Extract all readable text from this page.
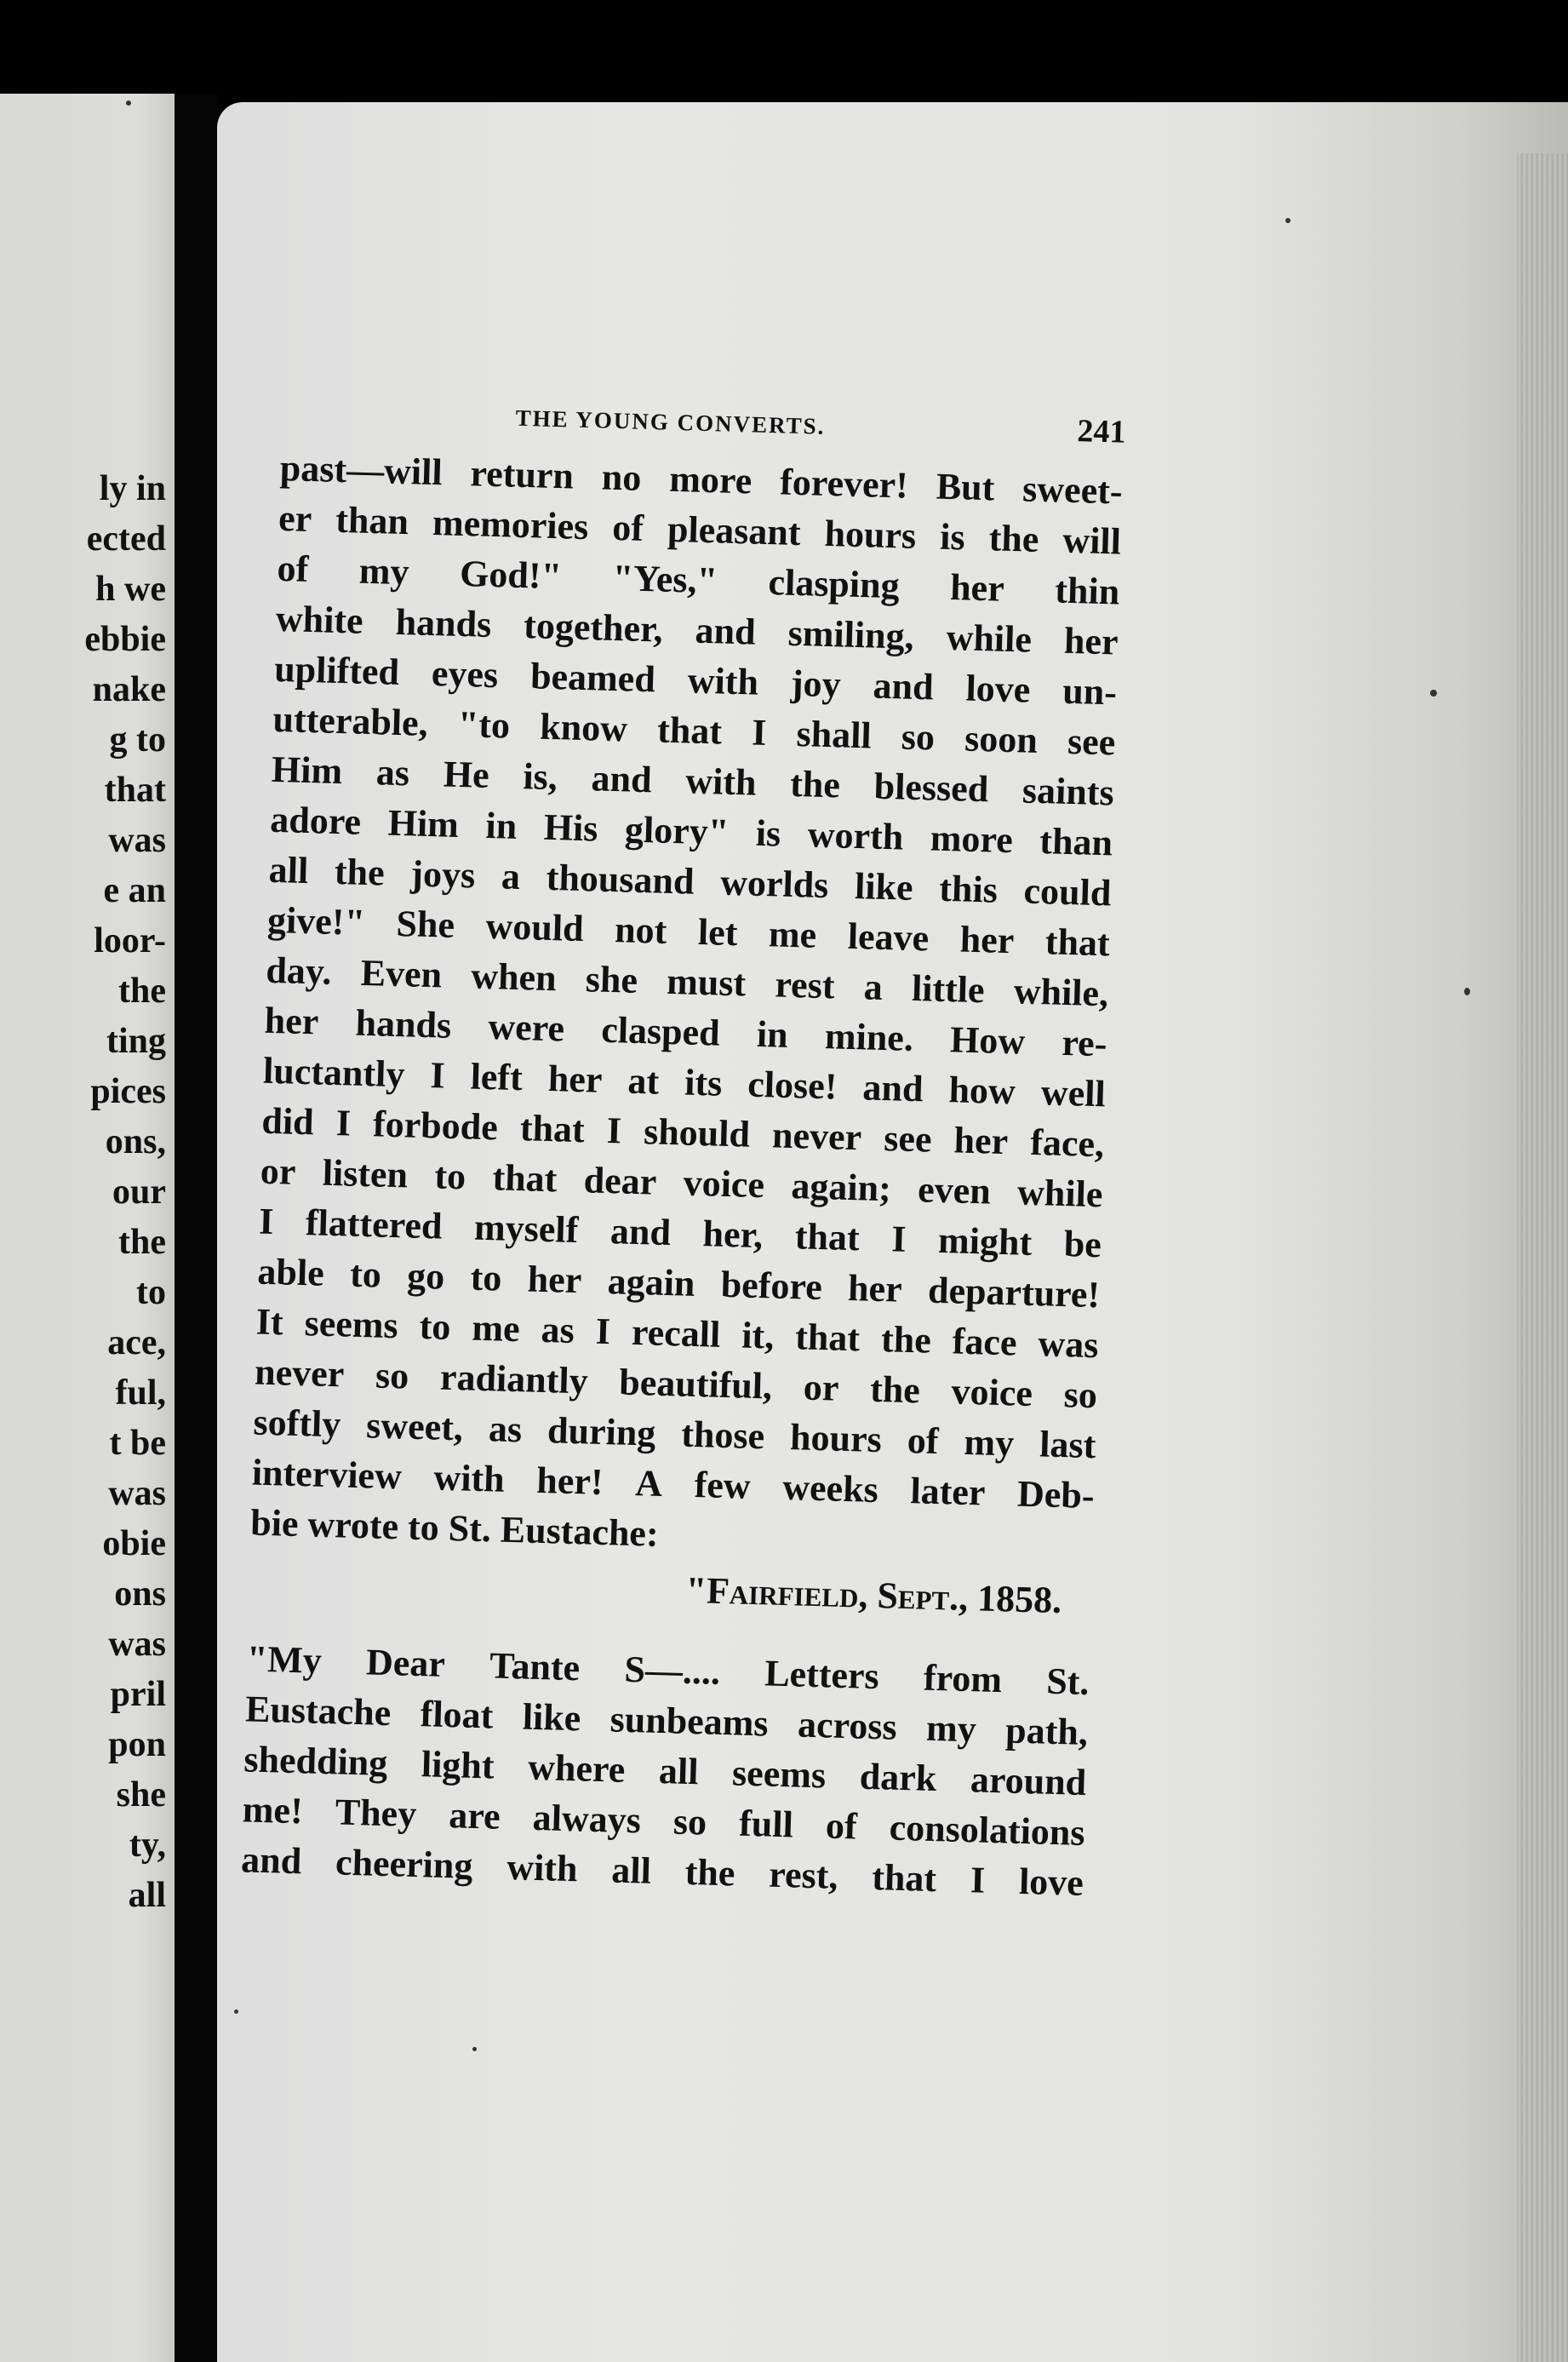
ly in
ected
h we
ebbie
nake
g to
that
was
e an
loor-
the
ting
pices
ons,
our
the
to
ace,
ful,
t be
was
obie
ons
was
pril
pon
she
ty,
all
THE YOUNG CONVERTS.	241
past—will return no more forever! But sweet-
er than memories of pleasant hours is the will
of my God!" "Yes," clasping her thin
white hands together, and smiling, while her
uplifted eyes beamed with joy and love un-
utterable, "to know that I shall so soon see
Him as He is, and with the blessed saints
adore Him in His glory" is worth more than
all the joys a thousand worlds like this could
give!" She would not let me leave her that
day. Even when she must rest a little while,
her hands were clasped in mine. How re-
luctantly I left her at its close! and how well
did I forbode that I should never see her face,
or listen to that dear voice again; even while
I flattered myself and her, that I might be
able to go to her again before her departure!
It seems to me as I recall it, that the face was
never so radiantly beautiful, or the voice so
softly sweet, as during those hours of my last
interview with her! A few weeks later Deb-
bie wrote to St. Eustache:
"Fairfield, Sept., 1858.
"My Dear Tante S—.... Letters from St.
Eustache float like sunbeams across my path,
shedding light where all seems dark around
me! They are always so full of consolations
and cheering with all the rest, that I love
